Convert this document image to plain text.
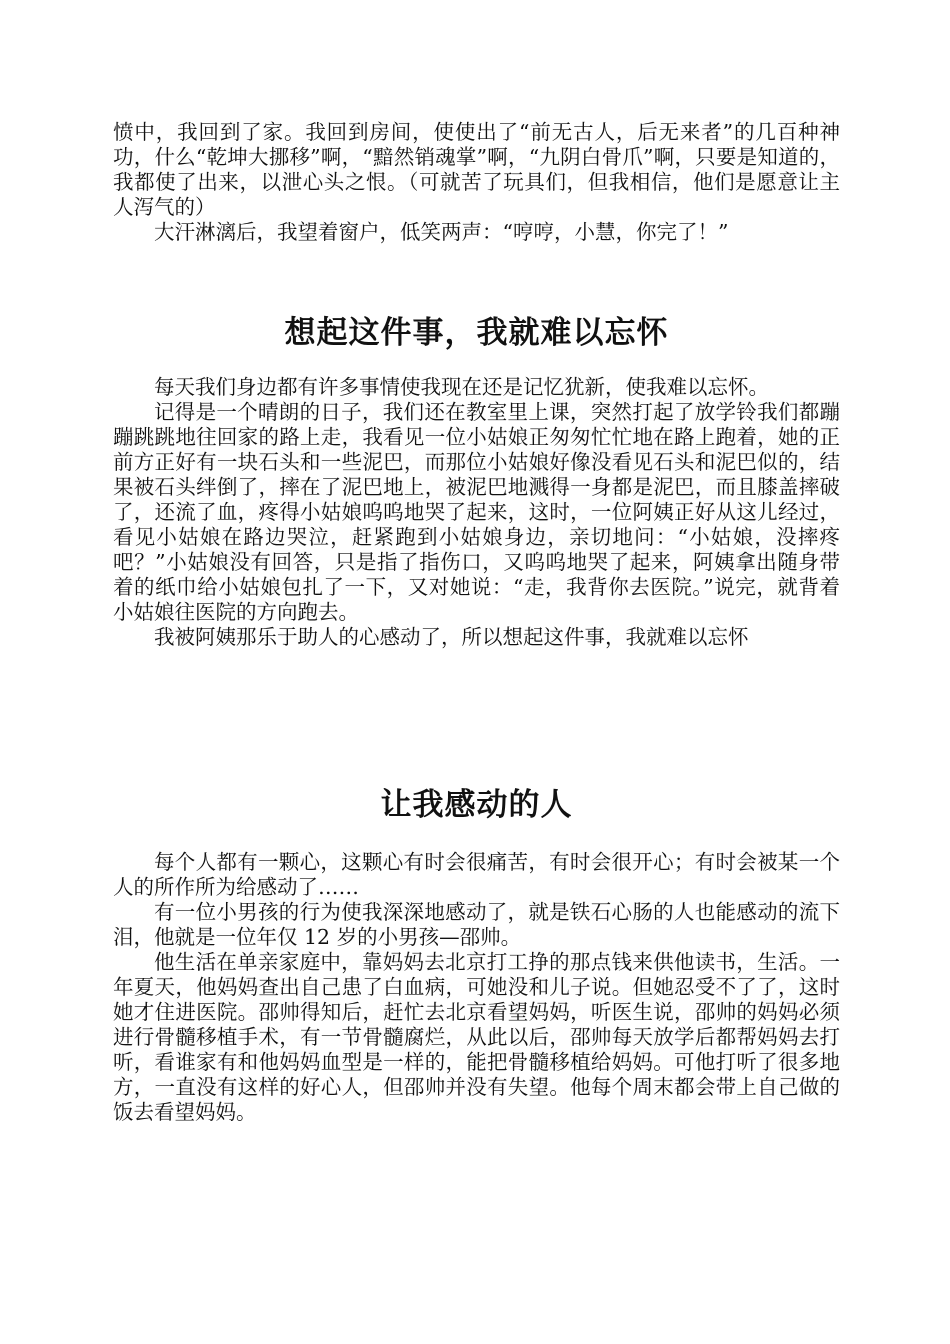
愤中，我回到了家。我回到房间，使使出了“前无古人，后无来者”的几百种神功，什么“乾坤大挪移”啊，“黯然销魂掌”啊，“九阴白骨爪”啊，只要是知道的，我都使了出来，以泄心头之恨。（可就苦了玩具们，但我相信，他们是愿意让主人泻气的）

大汗淋漓后，我望着窗户，低笑两声：“哼哼，小慧，你完了！”

想起这件事，我就难以忘怀

每天我们身边都有许多事情使我现在还是记忆犹新，使我难以忘怀。

记得是一个晴朗的日子，我们还在教室里上课，突然打起了放学铃我们都蹦蹦跳跳地往回家的路上走，我看见一位小姑娘正匆匆忙忙地在路上跑着，她的正前方正好有一块石头和一些泥巴，而那位小姑娘好像没看见石头和泥巴似的，结果被石头绊倒了，摔在了泥巴地上，被泥巴地溅得一身都是泥巴，而且膝盖摔破了，还流了血，疼得小姑娘呜呜地哭了起来，这时，一位阿姨正好从这儿经过，看见小姑娘在路边哭泣，赶紧跑到小姑娘身边，亲切地问：“小姑娘，没摔疼吧？”小姑娘没有回答，只是指了指伤口，又呜呜地哭了起来，阿姨拿出随身带着的纸巾给小姑娘包扎了一下，又对她说：“走，我背你去医院。”说完，就背着小姑娘往医院的方向跑去。

我被阿姨那乐于助人的心感动了，所以想起这件事，我就难以忘怀

让我感动的人

每个人都有一颗心，这颗心有时会很痛苦，有时会很开心；有时会被某一个人的所作所为给感动了……

有一位小男孩的行为使我深深地感动了，就是铁石心肠的人也能感动的流下泪，他就是一位年仅 12 岁的小男孩—邵帅。

他生活在单亲家庭中，靠妈妈去北京打工挣的那点钱来供他读书，生活。一年夏天，他妈妈查出自己患了白血病，可她没和儿子说。但她忍受不了了，这时她才住进医院。邵帅得知后，赶忙去北京看望妈妈，听医生说，邵帅的妈妈必须进行骨髓移植手术，有一节骨髓腐烂，从此以后，邵帅每天放学后都帮妈妈去打听，看谁家有和他妈妈血型是一样的，能把骨髓移植给妈妈。可他打听了很多地方，一直没有这样的好心人，但邵帅并没有失望。他每个周末都会带上自己做的饭去看望妈妈。
